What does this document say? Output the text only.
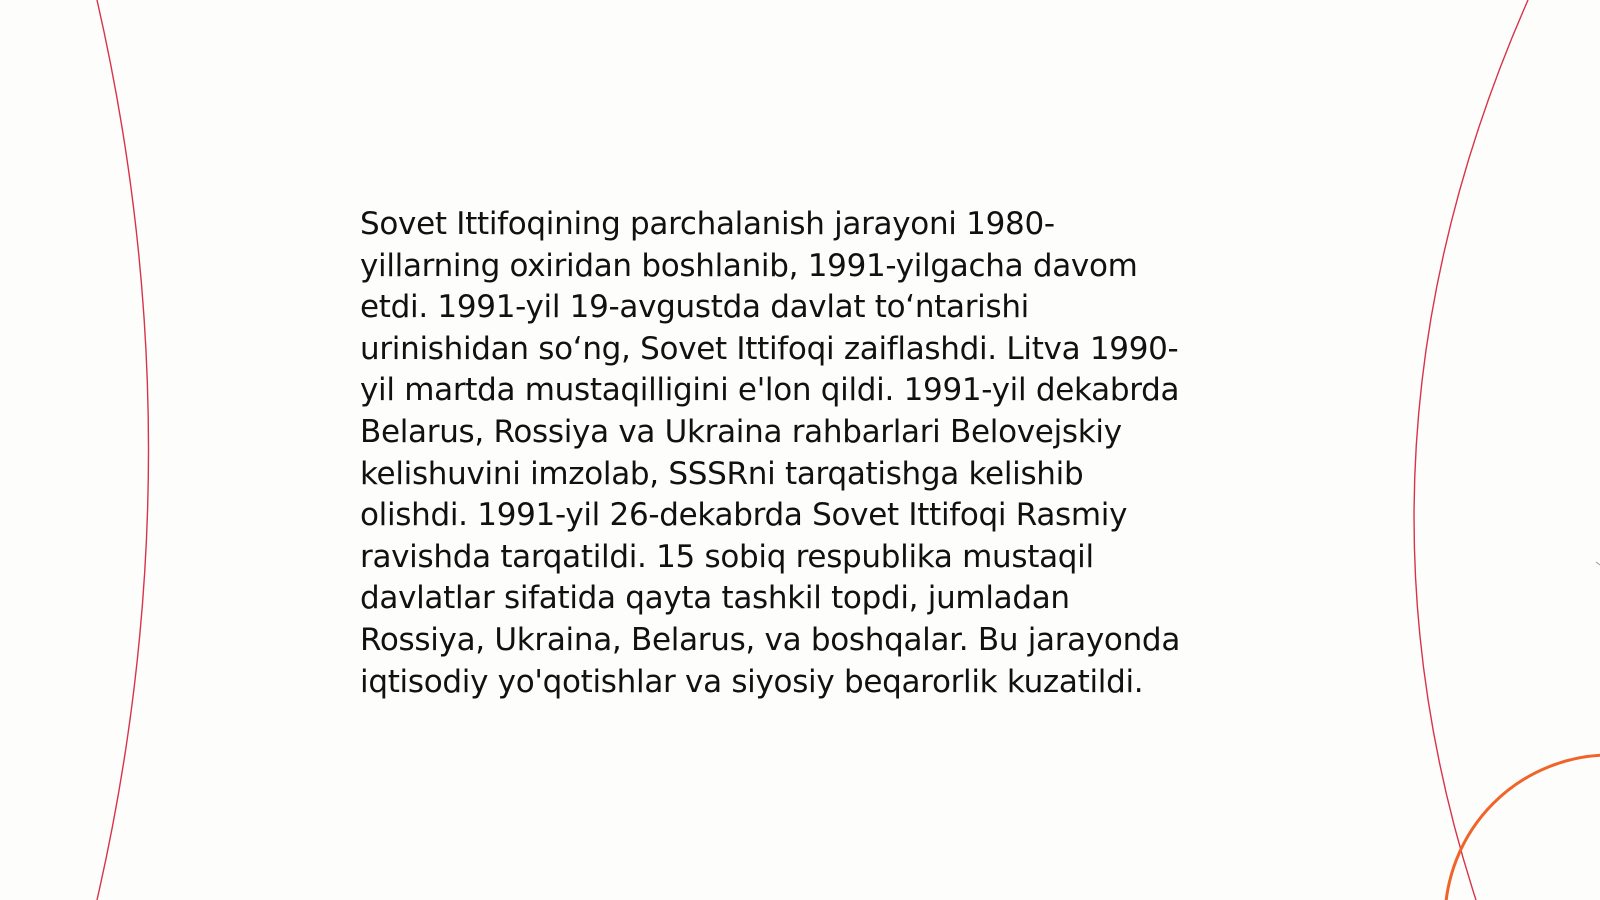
Sovet Ittifoqining parchalanish jarayoni 1980-
yillarning oxiridan boshlanib, 1991-yilgacha davom
etdi. 1991-yil 19-avgustda davlat to‘ntarishi
urinishidan so‘ng, Sovet Ittifoqi zaiflashdi. Litva 1990-
yil martda mustaqilligini e'lon qildi. 1991-yil dekabrda
Belarus, Rossiya va Ukraina rahbarlari Belovejskiy
kelishuvini imzolab, SSSRni tarqatishga kelishib
olishdi. 1991-yil 26-dekabrda Sovet Ittifoqi Rasmiy
ravishda tarqatildi. 15 sobiq respublika mustaqil
davlatlar sifatida qayta tashkil topdi, jumladan
Rossiya, Ukraina, Belarus, va boshqalar. Bu jarayonda
iqtisodiy yo'qotishlar va siyosiy beqarorlik kuzatildi.
